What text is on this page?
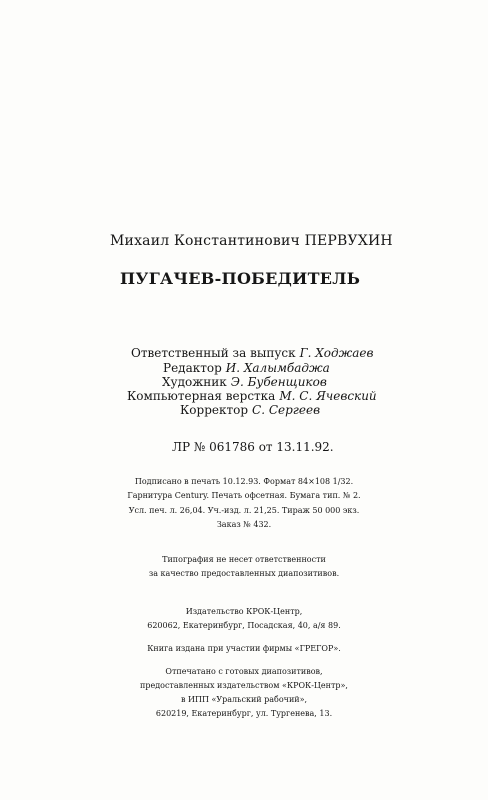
Михаил Константинович ПЕРВУХИН
ПУГАЧЕВ-ПОБЕДИТЕЛЬ
Ответственный за выпуск Г. Ходжаев
Редактор И. Халымбаджа
Художник Э. Бубенщиков
Компьютерная верстка М. С. Ячевский
Корректор С. Сергеев
ЛР № 061786 от 13.11.92.
Подписано в печать 10.12.93. Формат 84×108 1/32.
Гарнитура Century. Печать офсетная. Бумага тип. № 2.
Усл. печ. л. 26,04. Уч.-изд. л. 21,25. Тираж 50 000 экз.
Заказ № 432.
Типография не несет ответственности
за качество предоставленных диапозитивов.
Издательство КРОК-Центр,
620062, Екатеринбург, Посадская, 40, а/я 89.
Книга издана при участии фирмы «ГРЕГОР».
Отпечатано с готовых диапозитивов,
предоставленных издательством «КРОК-Центр»,
в ИПП «Уральский рабочий»,
620219, Екатеринбург, ул. Тургенева, 13.
